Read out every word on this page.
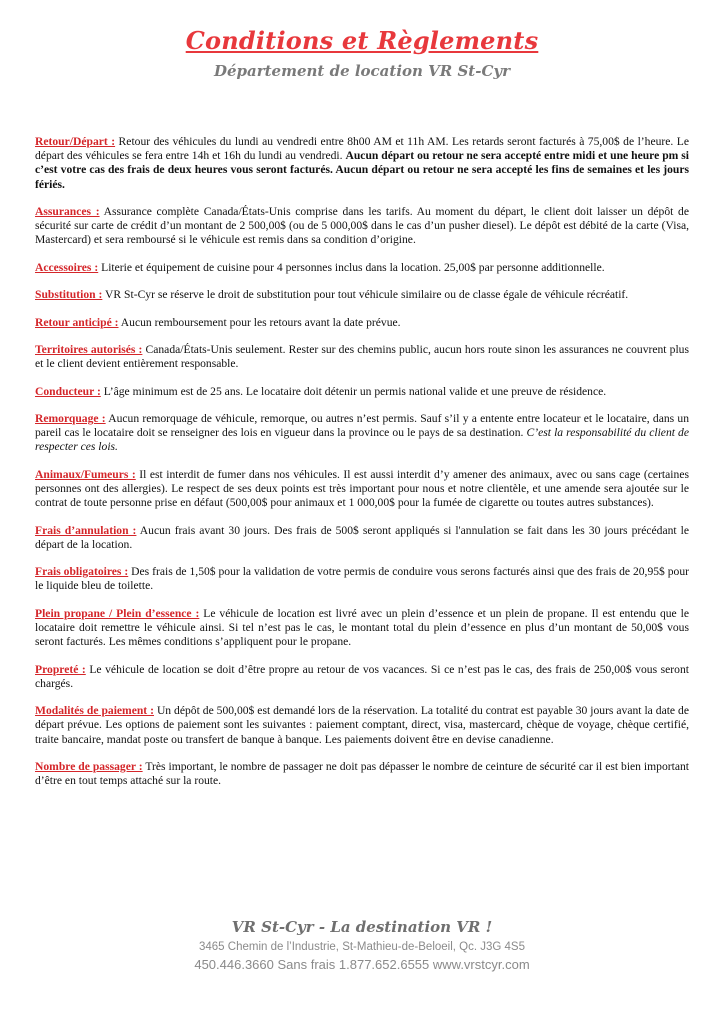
Conditions et Règlements
Département de location VR St-Cyr

Retour/Départ : Retour des véhicules du lundi au vendredi entre 8h00 AM et 11h AM. Les retards seront facturés à 75,00$ de l’heure. Le départ des véhicules se fera entre 14h et 16h du lundi au vendredi. Aucun départ ou retour ne sera accepté entre midi et une heure pm si c’est votre cas des frais de deux heures vous seront facturés. Aucun départ ou retour ne sera accepté les fins de semaines et les jours fériés.

Assurances : Assurance complète Canada/États-Unis comprise dans les tarifs. Au moment du départ, le client doit laisser un dépôt de sécurité sur carte de crédit d’un montant de 2 500,00$ (ou de 5 000,00$ dans le cas d’un pusher diesel). Le dépôt est débité de la carte (Visa, Mastercard) et sera remboursé si le véhicule est remis dans sa condition d’origine.

Accessoires : Literie et équipement de cuisine pour 4 personnes inclus dans la location. 25,00$ par personne additionnelle.

Substitution : VR St-Cyr se réserve le droit de substitution pour tout véhicule similaire ou de classe égale de véhicule récréatif.

Retour anticipé : Aucun remboursement pour les retours avant la date prévue.

Territoires autorisés : Canada/États-Unis seulement. Rester sur des chemins public, aucun hors route sinon les assurances ne couvrent plus et le client devient entièrement responsable.

Conducteur : L’âge minimum est de 25 ans. Le locataire doit détenir un permis national valide et une preuve de résidence.

Remorquage : Aucun remorquage de véhicule, remorque, ou autres n’est permis. Sauf s’il y a entente entre locateur et le locataire, dans un pareil cas le locataire doit se renseigner des lois en vigueur dans la province ou le pays de sa destination. C’est la responsabilité du client de respecter ces lois.

Animaux/Fumeurs : Il est interdit de fumer dans nos véhicules. Il est aussi interdit d’y amener des animaux, avec ou sans cage (certaines personnes ont des allergies). Le respect de ses deux points est très important pour nous et notre clientèle, et une amende sera ajoutée sur le contrat de toute personne prise en défaut (500,00$ pour animaux et 1 000,00$ pour la fumée de cigarette ou toutes autres substances).

Frais d’annulation : Aucun frais avant 30 jours. Des frais de 500$ seront appliqués si l'annulation se fait dans les 30 jours précédant le départ de la location.

Frais obligatoires : Des frais de 1,50$ pour la validation de votre permis de conduire vous serons facturés ainsi que des frais de 20,95$ pour le liquide bleu de toilette.

Plein propane / Plein d’essence : Le véhicule de location est livré avec un plein d’essence et un plein de propane. Il est entendu que le locataire doit remettre le véhicule ainsi. Si tel n’est pas le cas, le montant total du plein d’essence en plus d’un montant de 50,00$ vous seront facturés. Les mêmes conditions s’appliquent pour le propane.

Propreté : Le véhicule de location se doit d’être propre au retour de vos vacances. Si ce n’est pas le cas, des frais de 250,00$ vous seront chargés.

Modalités de paiement : Un dépôt de 500,00$ est demandé lors de la réservation. La totalité du contrat est payable 30 jours avant la date de départ prévue. Les options de paiement sont les suivantes : paiement comptant, direct, visa, mastercard, chèque de voyage, chèque certifié, traite bancaire, mandat poste ou transfert de banque à banque. Les paiements doivent être en devise canadienne.

Nombre de passager : Très important, le nombre de passager ne doit pas dépasser le nombre de ceinture de sécurité car il est bien important d’être en tout temps attaché sur la route.

VR St-Cyr - La destination VR !
3465 Chemin de l’Industrie, St-Mathieu-de-Beloeil, Qc. J3G 4S5
450.446.3660 Sans frais 1.877.652.6555 www.vrstcyr.com
